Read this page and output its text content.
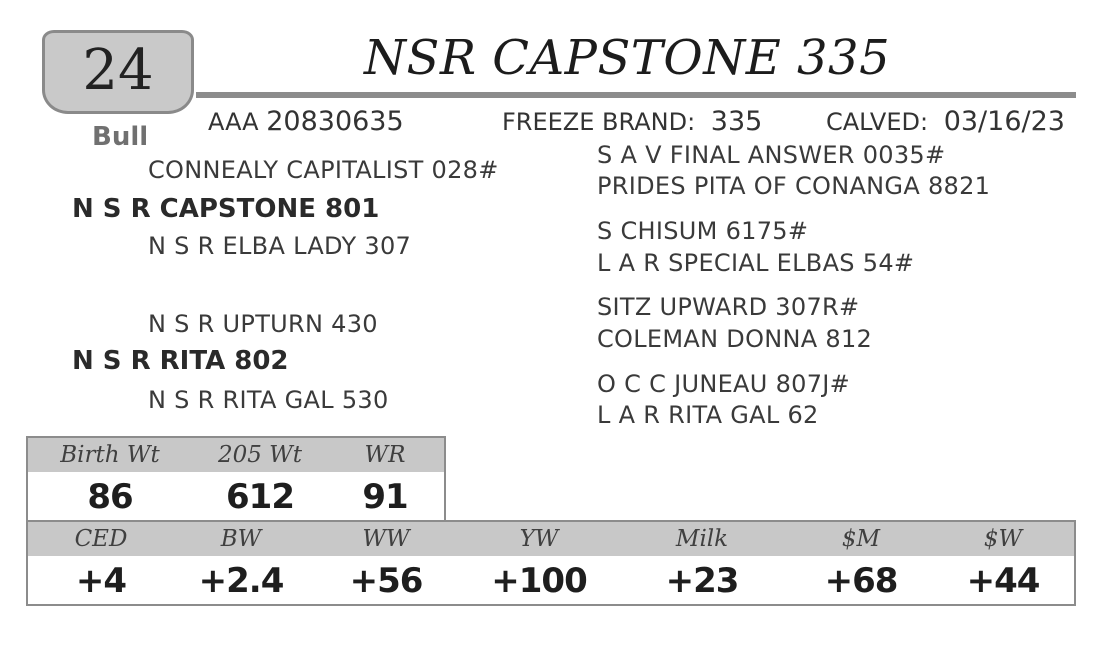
24
Bull
NSR CAPSTONE 335
AAA 20830635	FREEZE BRAND: 335	CALVED: 03/16/23
CONNEALY CAPITALIST 028#
N S R CAPSTONE 801
N S R ELBA LADY 307
N S R UPTURN 430
N S R RITA 802
N S R RITA GAL 530
S A V FINAL ANSWER 0035#
PRIDES PITA OF CONANGA 8821
S CHISUM 6175#
L A R SPECIAL ELBAS 54#
SITZ UPWARD 307R#
COLEMAN DONNA 812
O C C JUNEAU 807J#
L A R RITA GAL 62
Birth Wt	205 Wt	WR
86	612	91
CED	BW	WW	YW	Milk	$M	$W
+4	+2.4	+56	+100	+23	+68	+44
